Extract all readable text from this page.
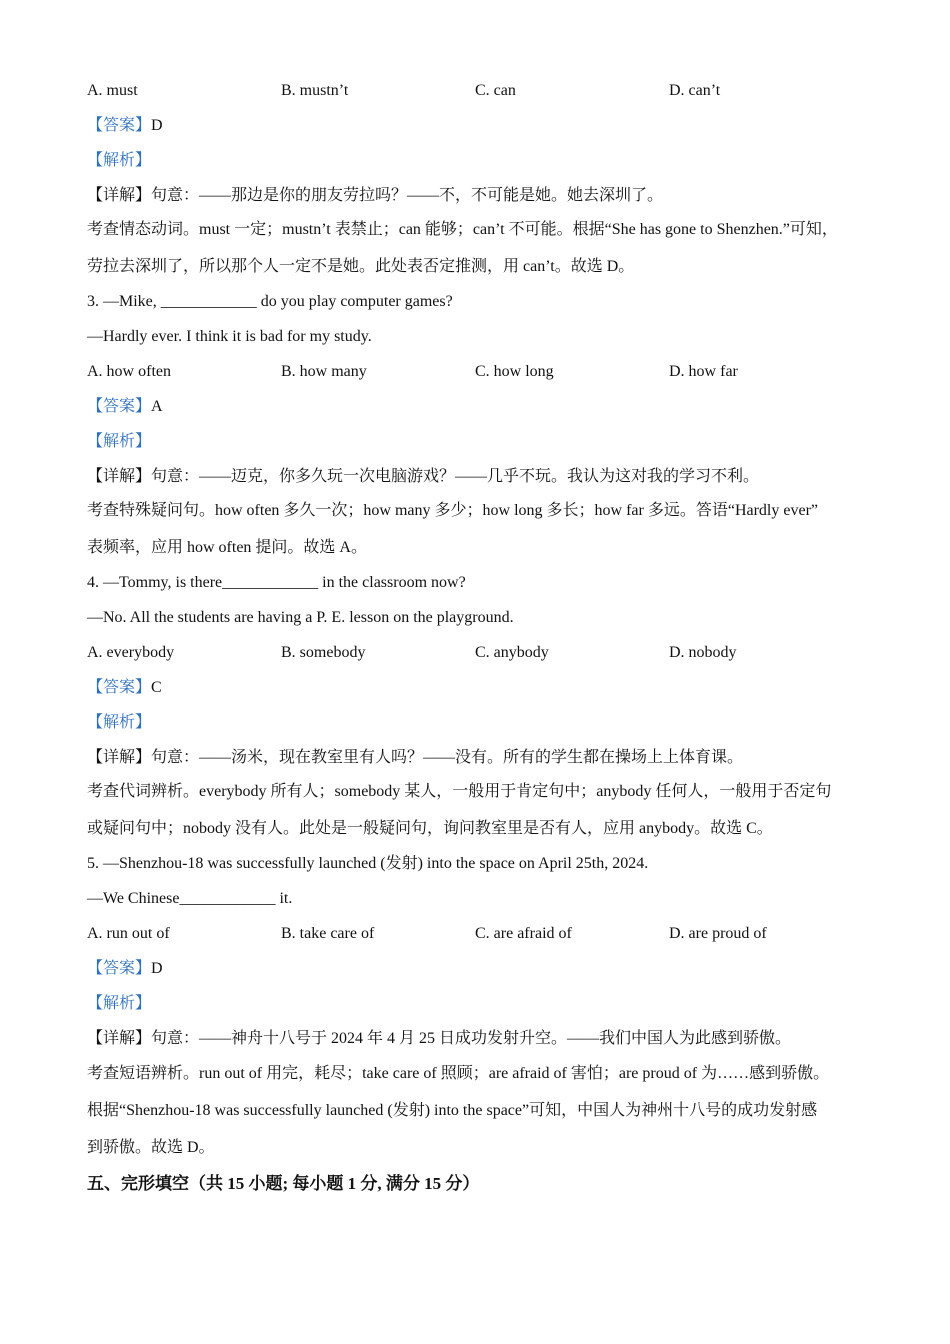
A. must	B. mustn’t	C. can	D. can’t
【答案】D
【解析】
【详解】句意：——那边是你的朋友劳拉吗？——不，不可能是她。她去深圳了。
考查情态动词。must 一定；mustn’t 表禁止；can 能够；can’t 不可能。根据“She has gone to Shenzhen.”可知，
劳拉去深圳了，所以那个人一定不是她。此处表否定推测，用 can’t。故选 D。
3. —Mike, ____________ do you play computer games?
—Hardly ever. I think it is bad for my study.
A. how often	B. how many	C. how long	D. how far
【答案】A
【解析】
【详解】句意：——迈克，你多久玩一次电脑游戏？——几乎不玩。我认为这对我的学习不利。
考查特殊疑问句。how often 多久一次；how many 多少；how long 多长；how far 多远。答语“Hardly ever”
表频率，应用 how often 提问。故选 A。
4. —Tommy, is there____________ in the classroom now?
—No. All the students are having a P. E. lesson on the playground.
A. everybody	B. somebody	C. anybody	D. nobody
【答案】C
【解析】
【详解】句意：——汤米，现在教室里有人吗？——没有。所有的学生都在操场上上体育课。
考查代词辨析。everybody 所有人；somebody 某人，一般用于肯定句中；anybody 任何人，一般用于否定句
或疑问句中；nobody 没有人。此处是一般疑问句，询问教室里是否有人，应用 anybody。故选 C。
5. —Shenzhou-18 was successfully launched (发射) into the space on April 25th, 2024.
—We Chinese____________ it.
A. run out of	B. take care of	C. are afraid of	D. are proud of
【答案】D
【解析】
【详解】句意：——神舟十八号于 2024 年 4 月 25 日成功发射升空。——我们中国人为此感到骄傲。
考查短语辨析。run out of 用完，耗尽；take care of 照顾；are afraid of 害怕；are proud of 为……感到骄傲。
根据“Shenzhou-18 was successfully launched (发射) into the space”可知，中国人为神州十八号的成功发射感
到骄傲。故选 D。
五、完形填空（共 15 小题; 每小题 1 分, 满分 15 分）
